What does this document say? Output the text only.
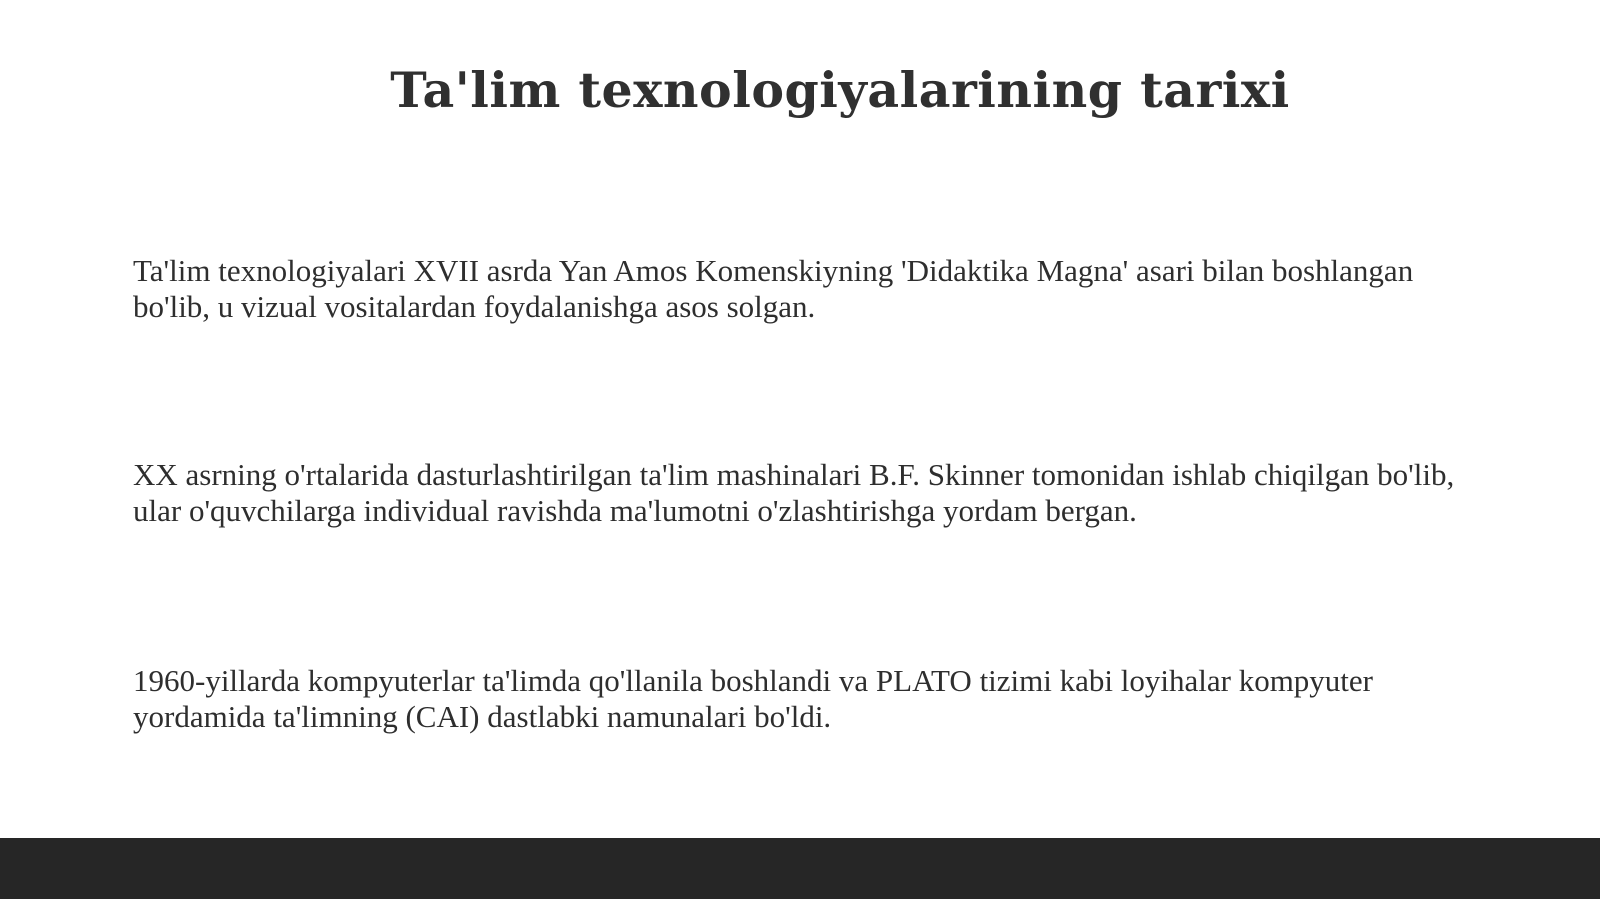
Ta'lim texnologiyalarining tarixi

Ta'lim texnologiyalari XVII asrda Yan Amos Komenskiyning 'Didaktika Magna' asari bilan boshlangan bo'lib, u vizual vositalardan foydalanishga asos solgan.

XX asrning o'rtalarida dasturlashtirilgan ta'lim mashinalari B.F. Skinner tomonidan ishlab chiqilgan bo'lib, ular o'quvchilarga individual ravishda ma'lumotni o'zlashtirishga yordam bergan.

1960-yillarda kompyuterlar ta'limda qo'llanila boshlandi va PLATO tizimi kabi loyihalar kompyuter yordamida ta'limning (CAI) dastlabki namunalari bo'ldi.
